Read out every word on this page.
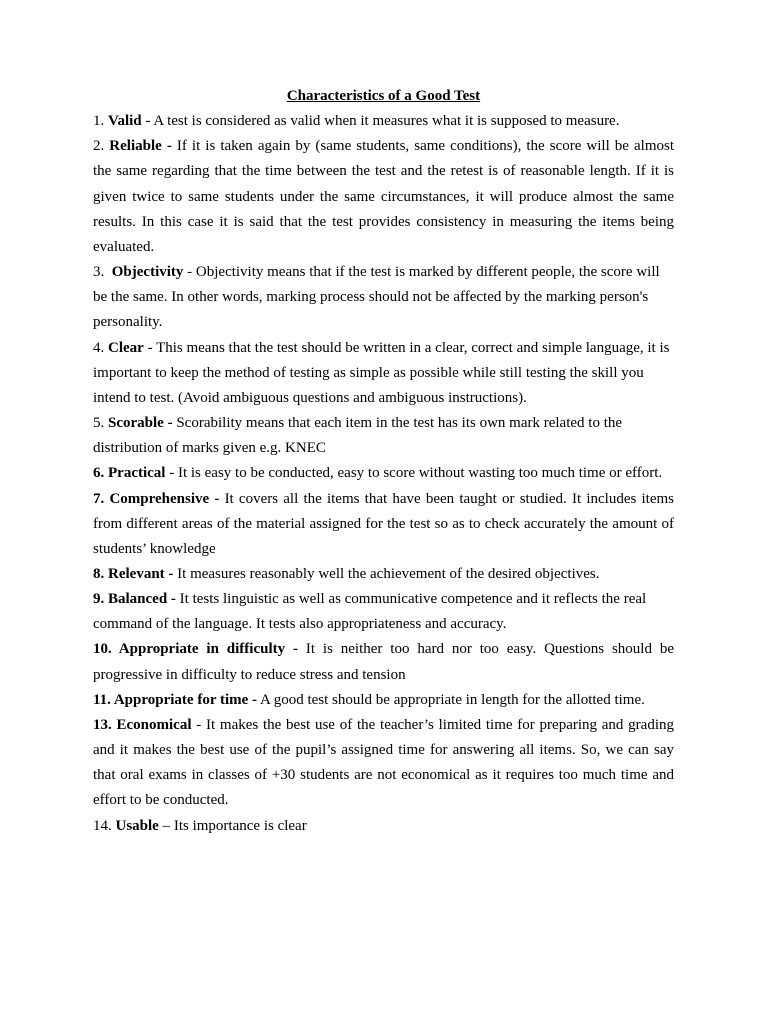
Characteristics of a Good Test

1. Valid - A test is considered as valid when it measures what it is supposed to measure.

2. Reliable - If it is taken again by (same students, same conditions), the score will be almost the same regarding that the time between the test and the retest is of reasonable length. If it is given twice to same students under the same circumstances, it will produce almost the same results. In this case it is said that the test provides consistency in measuring the items being evaluated.

3. Objectivity - Objectivity means that if the test is marked by different people, the score will be the same. In other words, marking process should not be affected by the marking person's personality.

4. Clear - This means that the test should be written in a clear, correct and simple language, it is important to keep the method of testing as simple as possible while still testing the skill you intend to test. (Avoid ambiguous questions and ambiguous instructions).

5. Scorable - Scorability means that each item in the test has its own mark related to the distribution of marks given e.g. KNEC

6. Practical - It is easy to be conducted, easy to score without wasting too much time or effort.

7. Comprehensive - It covers all the items that have been taught or studied. It includes items from different areas of the material assigned for the test so as to check accurately the amount of students’ knowledge

8. Relevant - It measures reasonably well the achievement of the desired objectives.

9. Balanced - It tests linguistic as well as communicative competence and it reflects the real command of the language. It tests also appropriateness and accuracy.

10. Appropriate in difficulty - It is neither too hard nor too easy. Questions should be progressive in difficulty to reduce stress and tension

11. Appropriate for time - A good test should be appropriate in length for the allotted time.

13. Economical - It makes the best use of the teacher’s limited time for preparing and grading and it makes the best use of the pupil’s assigned time for answering all items. So, we can say that oral exams in classes of +30 students are not economical as it requires too much time and effort to be conducted.

14. Usable – Its importance is clear
